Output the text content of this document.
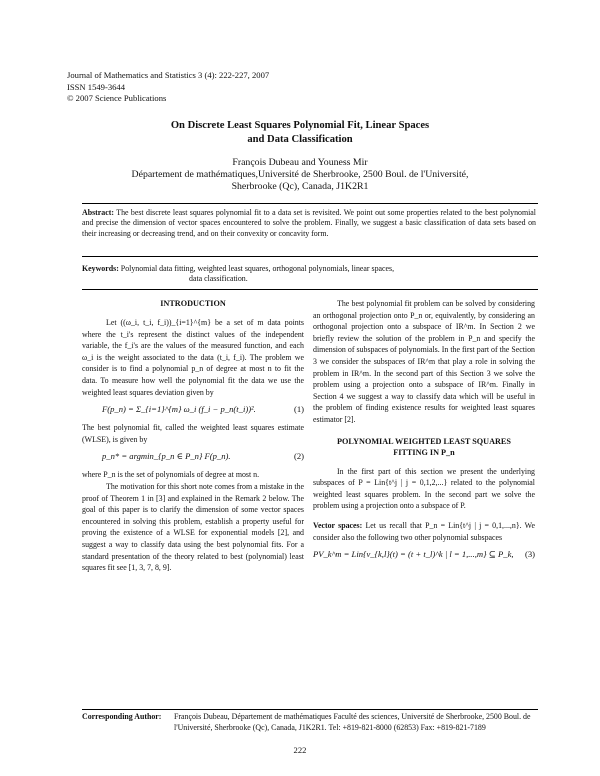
Journal of Mathematics and Statistics 3 (4): 222-227, 2007
ISSN 1549-3644
© 2007 Science Publications
On Discrete Least Squares Polynomial Fit, Linear Spaces
and Data Classification
François Dubeau and Youness Mir
Département de mathématiques,Université de Sherbrooke, 2500 Boul. de l'Université,
Sherbrooke (Qc), Canada, J1K2R1
Abstract: The best discrete least squares polynomial fit to a data set is revisited. We point out some properties related to the best polynomial and precise the dimension of vector spaces encountered to solve the problem. Finally, we suggest a basic classification of data sets based on their increasing or decreasing trend, and on their convexity or concavity form.
Keywords: Polynomial data fitting, weighted least squares, orthogonal polynomials, linear spaces,
data classification.
INTRODUCTION

Let ((ω_i, t_i, f_i))_{i=1}^{m} be a set of m data points where the t_i's represent the distinct values of the independent variable, the f_i's are the values of the measured function, and each ω_i is the weight associated to the data (t_i, f_i). The problem we consider is to find a polynomial p_n of degree at most n to fit the data. To measure how well the polynomial fit the data we use the weighted least squares deviation given by

F(p_n) = Σ_{i=1}^{m} ω_i (f_i − p_n(t_i))².	(1)

The best polynomial fit, called the weighted least squares estimate (WLSE), is given by

p_n* = argmin_{p_n ∈ P_n} F(p_n).	(2)

where P_n is the set of polynomials of degree at most n.

The motivation for this short note comes from a mistake in the proof of Theorem 1 in [3] and explained in the Remark 2 below. The goal of this paper is to clarify the dimension of some vector spaces encountered in solving this problem, establish a property useful for proving the existence of a WLSE for exponential models [2], and suggest a way to classify data using the best polynomial fits. For a standard presentation of the theory related to best (polynomial) least squares fit see [1, 3, 7, 8, 9].

The best polynomial fit problem can be solved by considering an orthogonal projection onto P_n or, equivalently, by considering an orthogonal projection onto a subspace of IR^m. In Section 2 we briefly review the solution of the problem in P_n and specify the dimension of subspaces of polynomials. In the first part of the Section 3 we consider the subspaces of IR^m that play a role in solving the problem in IR^m. In the second part of this Section 3 we solve the problem using a projection onto a subspace of IR^m. Finally in Section 4 we suggest a way to classify data which will be useful in the problem of finding existence results for weighted least squares estimator [2].

POLYNOMIAL WEIGHTED LEAST SQUARES
FITTING IN P_n

In the first part of this section we present the underlying subspaces of P = Lin{t^j | j = 0,1,2,...} related to the polynomial weighted least squares problem. In the second part we solve the problem using a projection onto a subspace of P.

Vector spaces: Let us recall that P_n = Lin{t^j | j = 0,1,...,n}. We consider also the following two other polynomial subspaces

PV_k^m = Lin{v_{k,l}(t) = (t + t_l)^k | l = 1,...,m} ⊆ P_k, (3)
Corresponding Author: François Dubeau, Département de mathématiques Faculté des sciences, Université de Sherbrooke, 2500 Boul. de l'Université, Sherbrooke (Qc), Canada, J1K2R1. Tel: +819-821-8000 (62853) Fax: +819-821-7189
222
